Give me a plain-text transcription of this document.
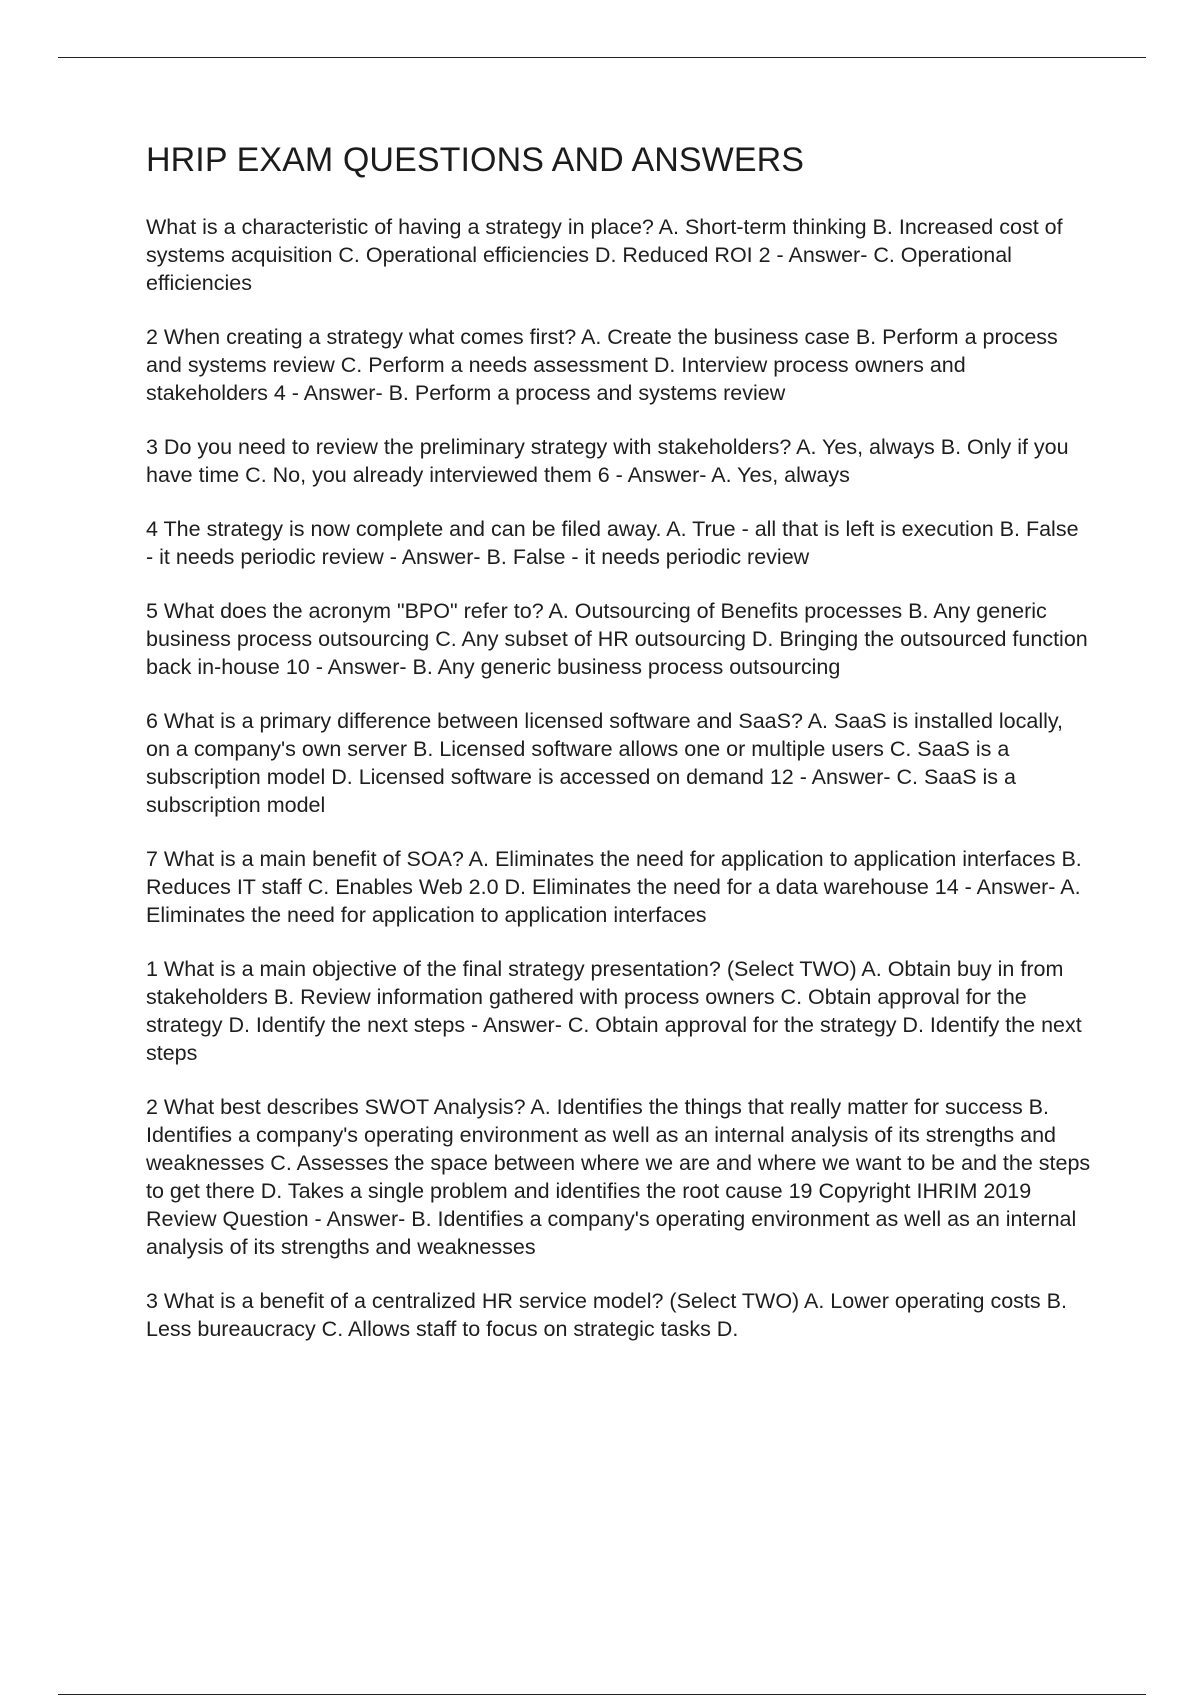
HRIP EXAM QUESTIONS AND ANSWERS
What is a characteristic of having a strategy in place? A. Short-term thinking B. Increased cost of systems acquisition C. Operational efficiencies D. Reduced ROI 2 - Answer- C. Operational efficiencies
2 When creating a strategy what comes first? A. Create the business case B. Perform a process and systems review C. Perform a needs assessment D. Interview process owners and stakeholders 4 - Answer- B. Perform a process and systems review
3 Do you need to review the preliminary strategy with stakeholders? A. Yes, always B. Only if you have time C. No, you already interviewed them 6 - Answer- A. Yes, always
4 The strategy is now complete and can be filed away. A. True - all that is left is execution B. False - it needs periodic review - Answer- B. False - it needs periodic review
5 What does the acronym "BPO" refer to? A. Outsourcing of Benefits processes B. Any generic business process outsourcing C. Any subset of HR outsourcing D. Bringing the outsourced function back in-house 10 - Answer- B. Any generic business process outsourcing
6 What is a primary difference between licensed software and SaaS? A. SaaS is installed locally, on a company's own server B. Licensed software allows one or multiple users C. SaaS is a subscription model D. Licensed software is accessed on demand 12 - Answer- C. SaaS is a subscription model
7 What is a main benefit of SOA? A. Eliminates the need for application to application interfaces B. Reduces IT staff C. Enables Web 2.0 D. Eliminates the need for a data warehouse 14 - Answer- A. Eliminates the need for application to application interfaces
1 What is a main objective of the final strategy presentation? (Select TWO) A. Obtain buy in from stakeholders B. Review information gathered with process owners C. Obtain approval for the strategy D. Identify the next steps - Answer- C. Obtain approval for the strategy D. Identify the next steps
2 What best describes SWOT Analysis? A. Identifies the things that really matter for success B. Identifies a company's operating environment as well as an internal analysis of its strengths and weaknesses C. Assesses the space between where we are and where we want to be and the steps to get there D. Takes a single problem and identifies the root cause 19 Copyright IHRIM 2019 Review Question - Answer- B. Identifies a company's operating environment as well as an internal analysis of its strengths and weaknesses
3 What is a benefit of a centralized HR service model? (Select TWO) A. Lower operating costs B. Less bureaucracy C. Allows staff to focus on strategic tasks D.
